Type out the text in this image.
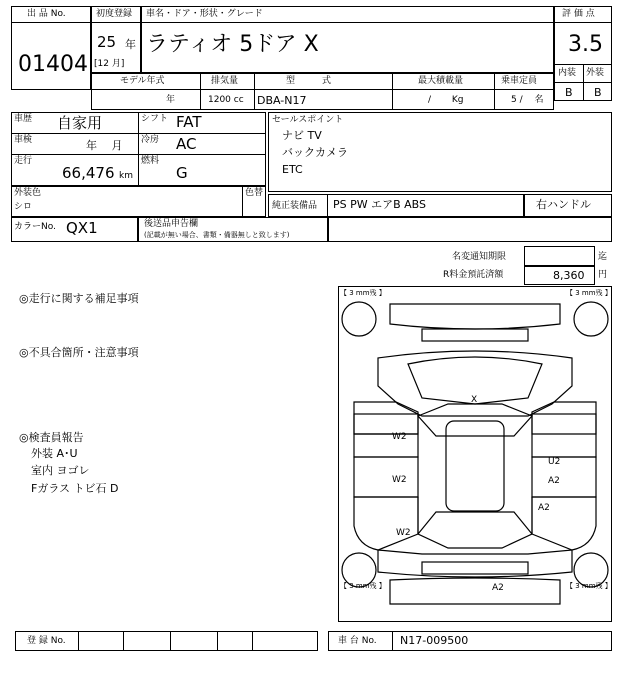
出 品 No.
01404
初度登録
25 年
[12 月]
車名・ドア・形状・グレード
ラティオ 5ドア X
評 価 点
3.5
内装 外装
B B
モデル年式
年
排気量
1200 cc
型　　　式
DBA-N17
最大積載量
/　　 Kg
乗車定員
5 /　 名
車歴 自家用
車検	年　 月
走行
66,476 km
シフト FAT
冷房 AC
燃料
G
セールスポイント
ナビ TV
バックカメラ
ETC
外装色
シロ
色替
純正装備品 PS PW エアB ABS	右ハンドル
カラーNo. QX1	後送品申告欄
(記載が無い場合、書類・備器無しと致します)
名変通知期限	迄
R料金預託済額	8,360 円
◎走行に関する補足事項
◎不具合箇所・注意事項
◎検査員報告
外装 A･U
室内 ヨゴレ
Fガラス トビ石 D
【 3 mm残 】	【 3 mm残 】
【 3 mm残 】	【 3 mm残 】
X
W2
W2
U2
A2
A2
W2
A2
登 録 No.	車 台 No. N17-009500
